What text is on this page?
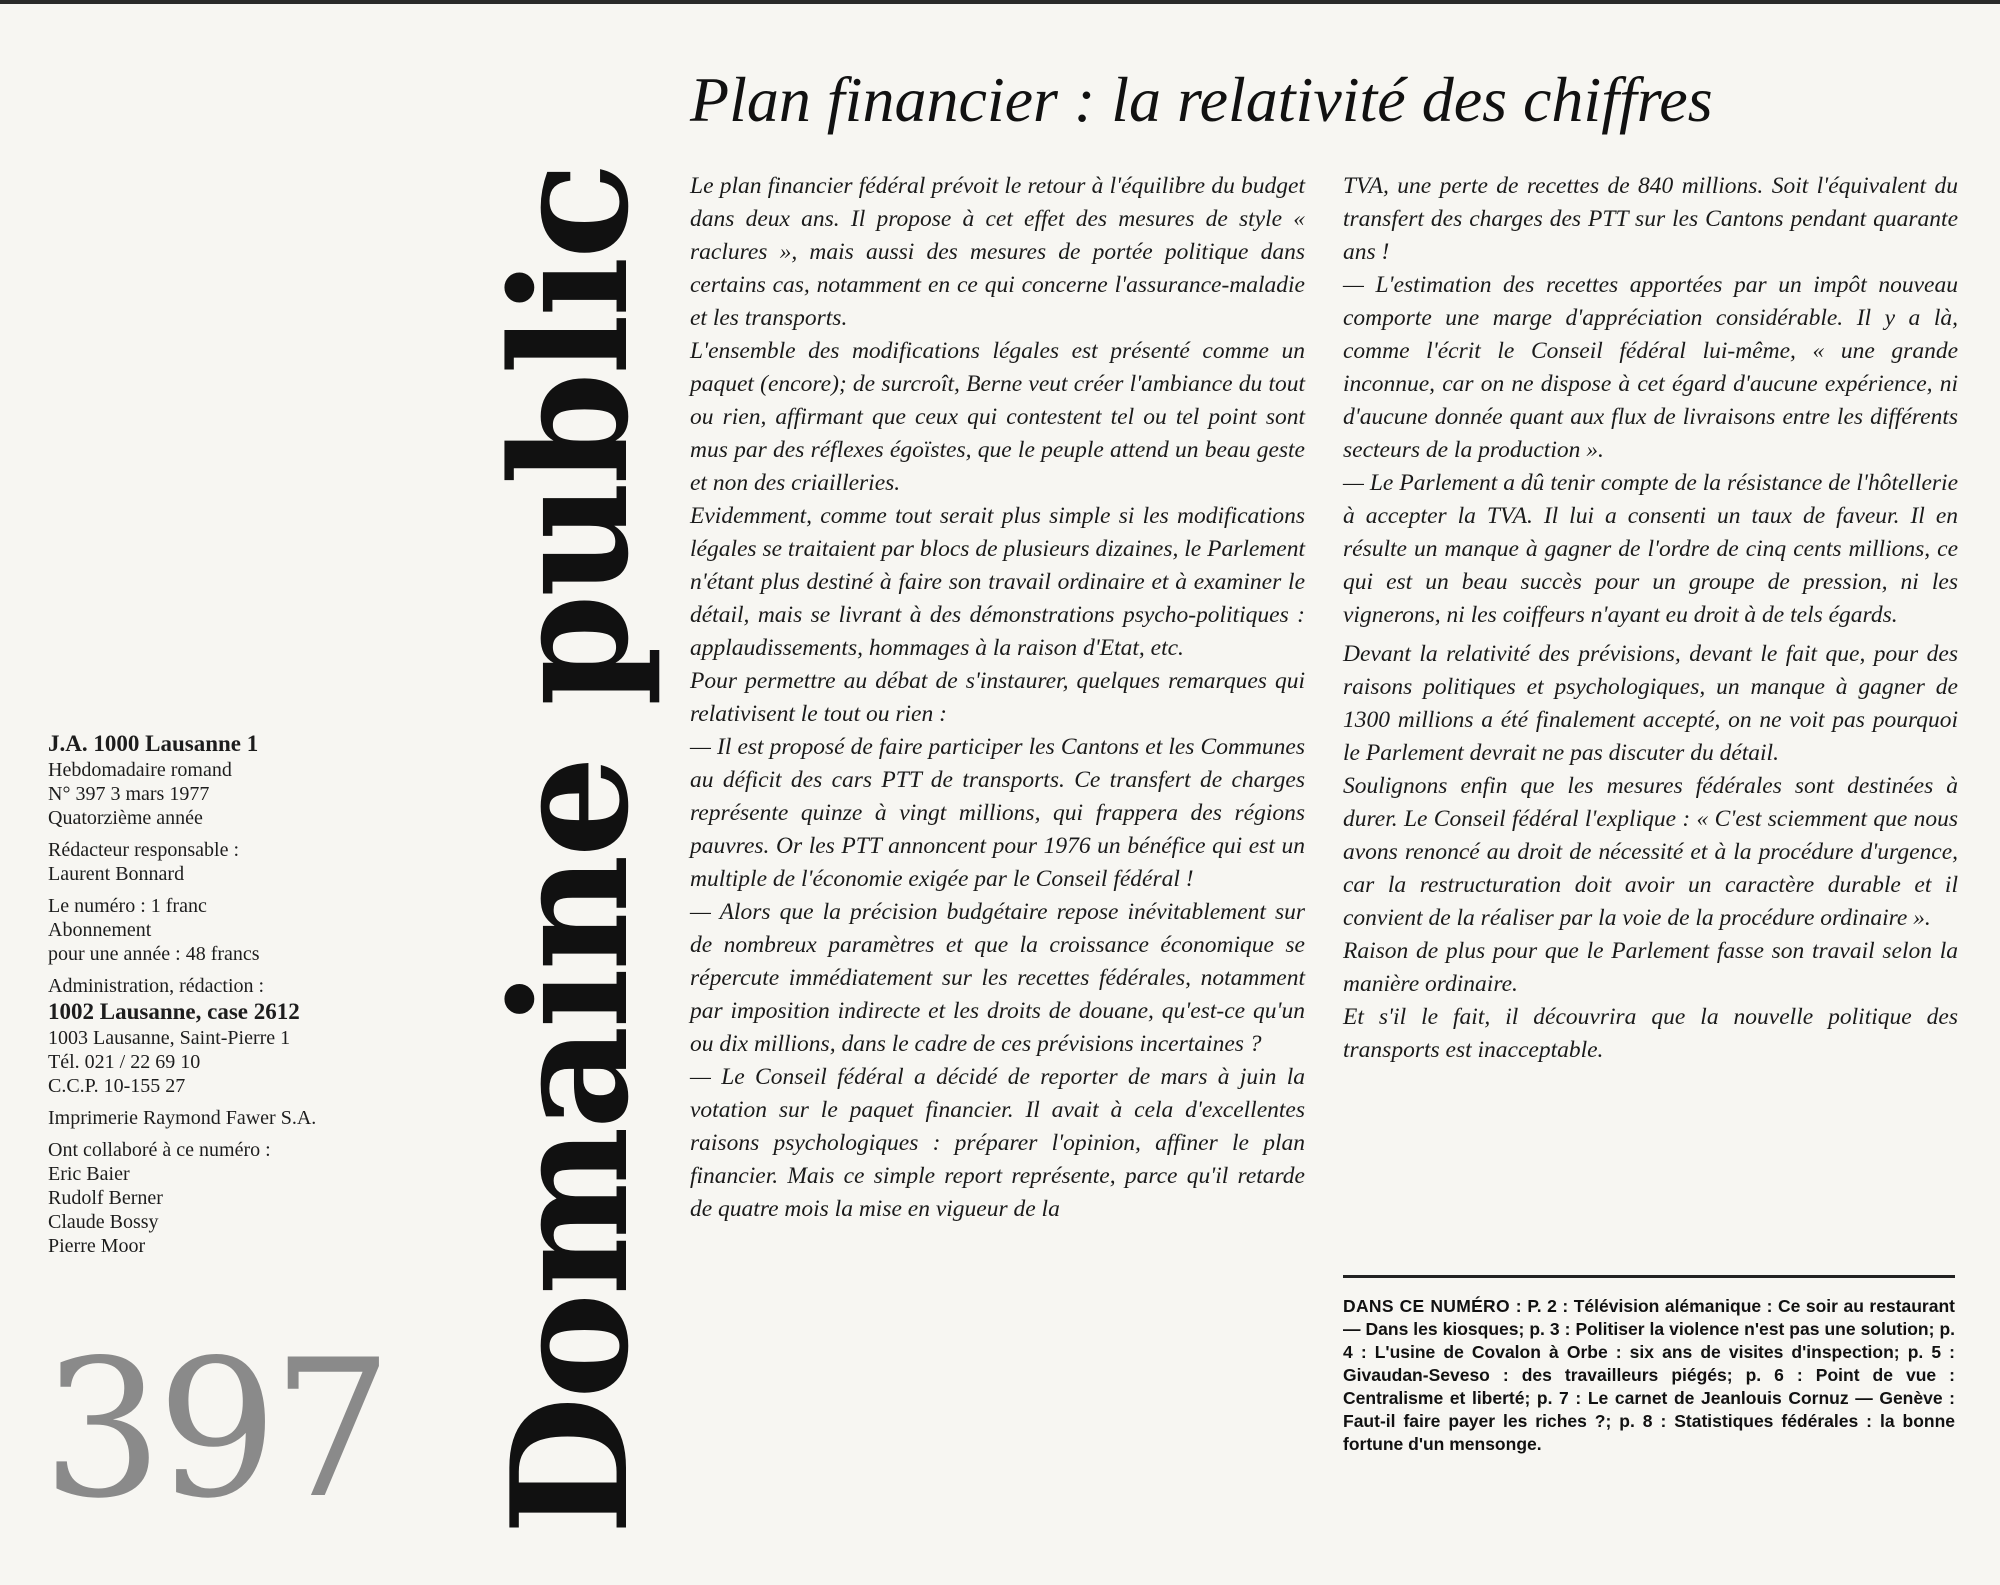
Domaine public
J.A. 1000 Lausanne 1
Hebdomadaire romand
N° 397 3 mars 1977
Quatorzième année
Rédacteur responsable :
Laurent Bonnard
Le numéro : 1 franc
Abonnement
pour une année : 48 francs
Administration, rédaction :
1002 Lausanne, case 2612
1003 Lausanne, Saint-Pierre 1
Tél. 021 / 22 69 10
C.C.P. 10-155 27
Imprimerie Raymond Fawer S.A.
Ont collaboré à ce numéro :
Eric Baier
Rudolf Berner
Claude Bossy
Pierre Moor
397
Plan financier : la relativité des chiffres

Le plan financier fédéral prévoit le retour à l'équilibre du budget dans deux ans. Il propose à cet effet des mesures de style « raclures », mais aussi des mesures de portée politique dans certains cas, notamment en ce qui concerne l'assurance-maladie et les transports.

L'ensemble des modifications légales est présenté comme un paquet (encore); de surcroît, Berne veut créer l'ambiance du tout ou rien, affirmant que ceux qui contestent tel ou tel point sont mus par des réflexes égoïstes, que le peuple attend un beau geste et non des criailleries.

Evidemment, comme tout serait plus simple si les modifications légales se traitaient par blocs de plusieurs dizaines, le Parlement n'étant plus destiné à faire son travail ordinaire et à examiner le détail, mais se livrant à des démonstrations psycho-politiques : applaudissements, hommages à la raison d'Etat, etc.

Pour permettre au débat de s'instaurer, quelques remarques qui relativisent le tout ou rien :

— Il est proposé de faire participer les Cantons et les Communes au déficit des cars PTT de transports. Ce transfert de charges représente quinze à vingt millions, qui frappera des régions pauvres. Or les PTT annoncent pour 1976 un bénéfice qui est un multiple de l'économie exigée par le Conseil fédéral !

— Alors que la précision budgétaire repose inévitablement sur de nombreux paramètres et que la croissance économique se répercute immédiatement sur les recettes fédérales, notamment par imposition indirecte et les droits de douane, qu'est-ce qu'un ou dix millions, dans le cadre de ces prévisions incertaines ?

— Le Conseil fédéral a décidé de reporter de mars à juin la votation sur le paquet financier. Il avait à cela d'excellentes raisons psychologiques : préparer l'opinion, affiner le plan financier. Mais ce simple report représente, parce qu'il retarde de quatre mois la mise en vigueur de la

TVA, une perte de recettes de 840 millions. Soit l'équivalent du transfert des charges des PTT sur les Cantons pendant quarante ans !

— L'estimation des recettes apportées par un impôt nouveau comporte une marge d'appréciation considérable. Il y a là, comme l'écrit le Conseil fédéral lui-même, « une grande inconnue, car on ne dispose à cet égard d'aucune expérience, ni d'aucune donnée quant aux flux de livraisons entre les différents secteurs de la production ».

— Le Parlement a dû tenir compte de la résistance de l'hôtellerie à accepter la TVA. Il lui a consenti un taux de faveur. Il en résulte un manque à gagner de l'ordre de cinq cents millions, ce qui est un beau succès pour un groupe de pression, ni les vignerons, ni les coiffeurs n'ayant eu droit à de tels égards.

Devant la relativité des prévisions, devant le fait que, pour des raisons politiques et psychologiques, un manque à gagner de 1300 millions a été finalement accepté, on ne voit pas pourquoi le Parlement devrait ne pas discuter du détail.

Soulignons enfin que les mesures fédérales sont destinées à durer. Le Conseil fédéral l'explique : « C'est sciemment que nous avons renoncé au droit de nécessité et à la procédure d'urgence, car la restructuration doit avoir un caractère durable et il convient de la réaliser par la voie de la procédure ordinaire ».

Raison de plus pour que le Parlement fasse son travail selon la manière ordinaire.

Et s'il le fait, il découvrira que la nouvelle politique des transports est inacceptable.

DANS CE NUMÉRO : P. 2 : Télévision alémanique : Ce soir au restaurant — Dans les kiosques; p. 3 : Politiser la violence n'est pas une solution; p. 4 : L'usine de Covalon à Orbe : six ans de visites d'inspection; p. 5 : Givaudan-Seveso : des travailleurs piégés; p. 6 : Point de vue : Centralisme et liberté; p. 7 : Le carnet de Jeanlouis Cornuz — Genève : Faut-il faire payer les riches ?; p. 8 : Statistiques fédérales : la bonne fortune d'un mensonge.
